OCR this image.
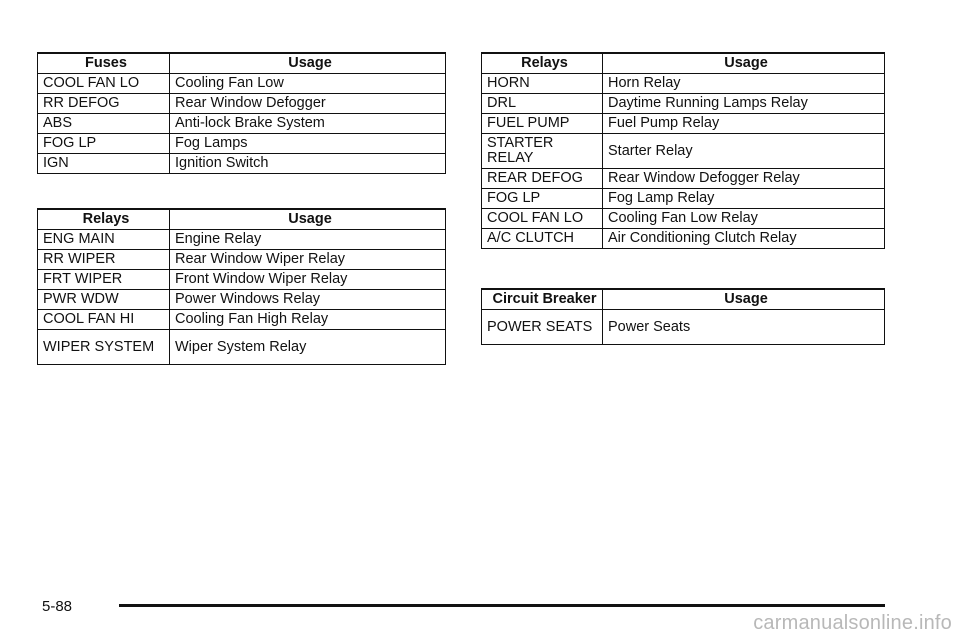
Fuses	Usage
COOL FAN LO	Cooling Fan Low
RR DEFOG	Rear Window Defogger
ABS	Anti-lock Brake System
FOG LP	Fog Lamps
IGN	Ignition Switch
Relays	Usage
ENG MAIN	Engine Relay
RR WIPER	Rear Window Wiper Relay
FRT WIPER	Front Window Wiper Relay
PWR WDW	Power Windows Relay
COOL FAN HI	Cooling Fan High Relay
WIPER SYSTEM	Wiper System Relay
Relays	Usage
HORN	Horn Relay
DRL	Daytime Running Lamps Relay
FUEL PUMP	Fuel Pump Relay
STARTER RELAY	Starter Relay
REAR DEFOG	Rear Window Defogger Relay
FOG LP	Fog Lamp Relay
COOL FAN LO	Cooling Fan Low Relay
A/C CLUTCH	Air Conditioning Clutch Relay
Circuit Breaker	Usage
POWER SEATS	Power Seats
5-88
carmanualsonline.info
